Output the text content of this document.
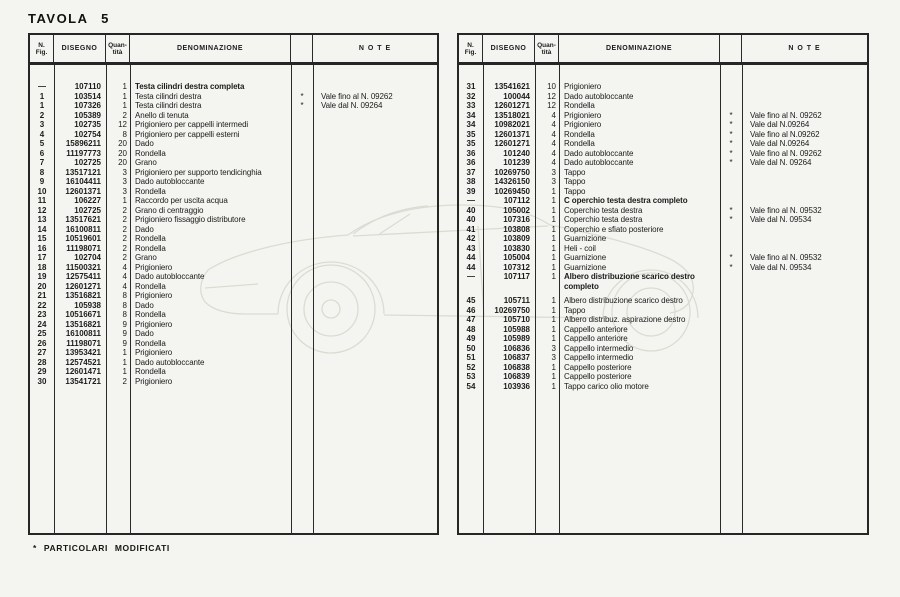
TAVOLA 5
N.
Fig.	DISEGNO	Quan-
tità	DENOMINAZIONE	N O T E
—	107110	1	Testa cilindri destra completa
1	103514	1	Testa cilindri destra	*	Vale fino al N. 09262
1	107326	1	Testa cilindri destra	*	Vale dal N. 09264
2	105389	2	Anello di tenuta
3	102735	12	Prigioniero per cappelli intermedi
4	102754	8	Prigioniero per cappelli esterni
5	15896211	20	Dado
6	11197773	20	Rondella
7	102725	20	Grano
8	13517121	3	Prigioniero per supporto tendicinghia
9	16104411	3	Dado autobloccante
10	12601371	3	Rondella
11	106227	1	Raccordo per uscita acqua
12	102725	2	Grano di centraggio
13	13517621	2	Prigioniero fissaggio distributore
14	16100811	2	Dado
15	10519601	2	Rondella
16	11198071	2	Rondella
17	102704	2	Grano
18	11500321	4	Prigioniero
19	12575411	4	Dado autobloccante
20	12601271	4	Rondella
21	13516821	8	Prigioniero
22	105938	8	Dado
23	10516671	8	Rondella
24	13516821	9	Prigioniero
25	16100811	9	Dado
26	11198071	9	Rondella
27	13953421	1	Prigioniero
28	12574521	1	Dado autobloccante
29	12601471	1	Rondella
30	13541721	2	Prigioniero
N.
Fig.	DISEGNO	Quan-
tità	DENOMINAZIONE	N O T E
31	13541621	10	Prigioniero
32	100044	12	Dado autobloccante
33	12601271	12	Rondella
34	13518021	4	Prigioniero	*	Vale fino al N. 09262
34	10982021	4	Prigioniero	*	Vale dal N.09264
35	12601371	4	Rondella	*	Vale fino al N.09262
35	12601271	4	Rondella	*	Vale dal N.09264
36	101240	4	Dado autobloccante	*	Vale fino al N. 09262
36	101239	4	Dado autobloccante	*	Vale dal N. 09264
37	10269750	3	Tappo
38	14326150	3	Tappo
39	10269450	1	Tappo
—	107112	1	C operchio testa destra completo
40	105002	1	Coperchio testa destra	*	Vale fino al N. 09532
40	107316	1	Coperchio testa destra	*	Vale dal N. 09534
41	103808	1	Coperchio e sfiato posteriore
42	103809	1	Guarnizione
43	103830	1	Heli - coil
44	105004	1	Guarnizione	*	Vale fino al N. 09532
44	107312	1	Guarnizione	*	Vale dal N. 09534
—	107117	1	Albero distribuzione scarico destro
completo
45	105711	1	Albero distribuzione scarico destro
46	10269750	1	Tappo
47	105710	1	Albero distribuz. aspirazione destro
48	105988	1	Cappello anteriore
49	105989	1	Cappello anteriore
50	106836	3	Cappello intermedio
51	106837	3	Cappello intermedio
52	106838	1	Cappello posteriore
53	106839	1	Cappello posteriore
54	103936	1	Tappo carico olio motore
* PARTICOLARI MODIFICATI
